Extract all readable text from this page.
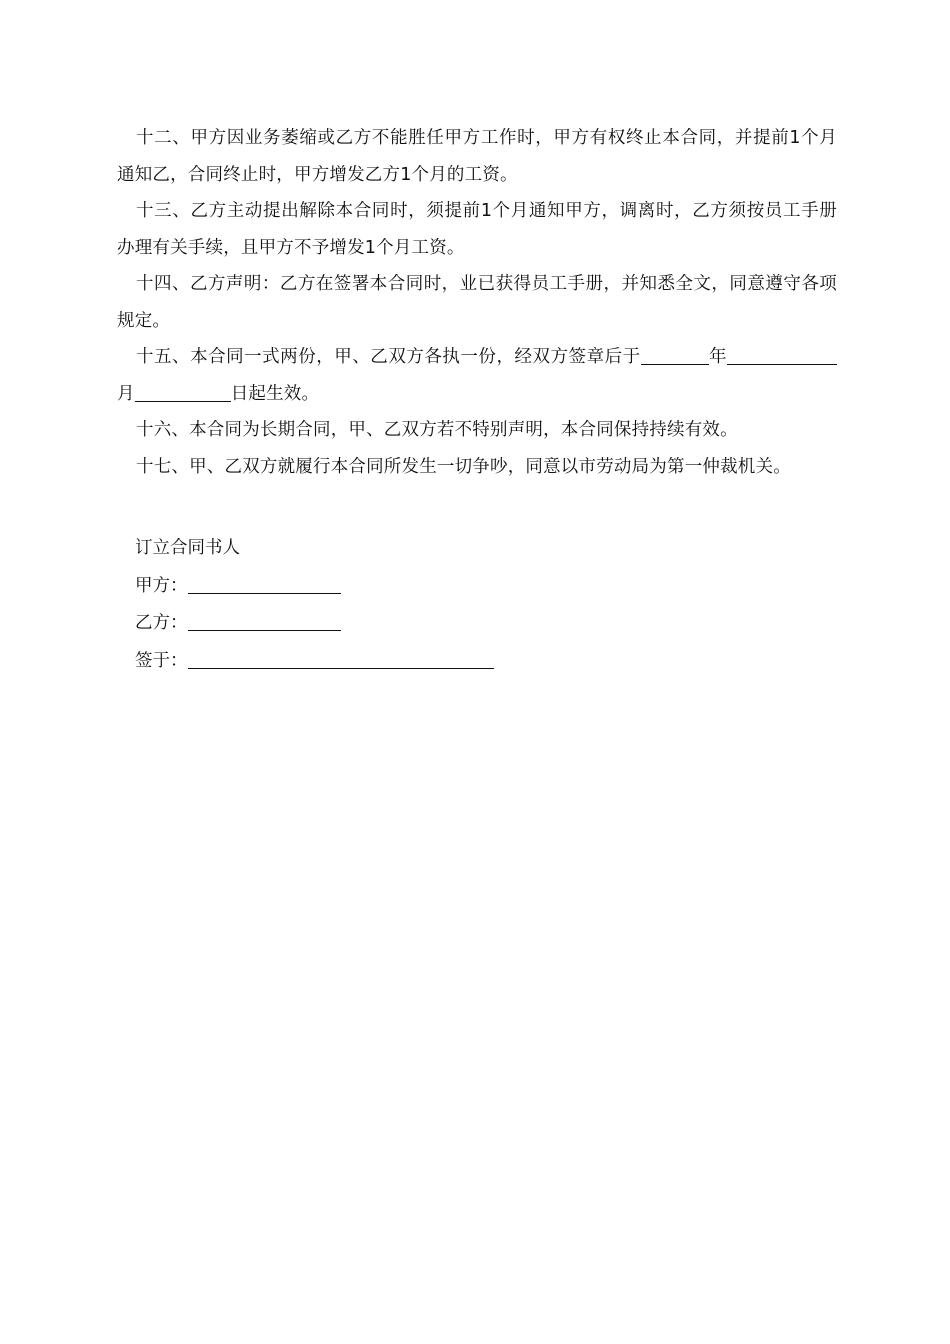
十二、甲方因业务萎缩或乙方不能胜任甲方工作时，甲方有权终止本合同，并提前1个月通知乙，合同终止时，甲方增发乙方1个月的工资。

十三、乙方主动提出解除本合同时，须提前1个月通知甲方，调离时，乙方须按员工手册办理有关手续，且甲方不予增发1个月工资。

十四、乙方声明：乙方在签署本合同时，业已获得员工手册，并知悉全文，同意遵守各项规定。

十五、本合同一式两份，甲、乙双方各执一份，经双方签章后于	年月	日起生效。

十六、本合同为长期合同，甲、乙双方若不特别声明，本合同保持持续有效。

十七、甲、乙双方就履行本合同所发生一切争吵，同意以市劳动局为第一仲裁机关。

订立合同书人

甲方：

乙方：

签于：
